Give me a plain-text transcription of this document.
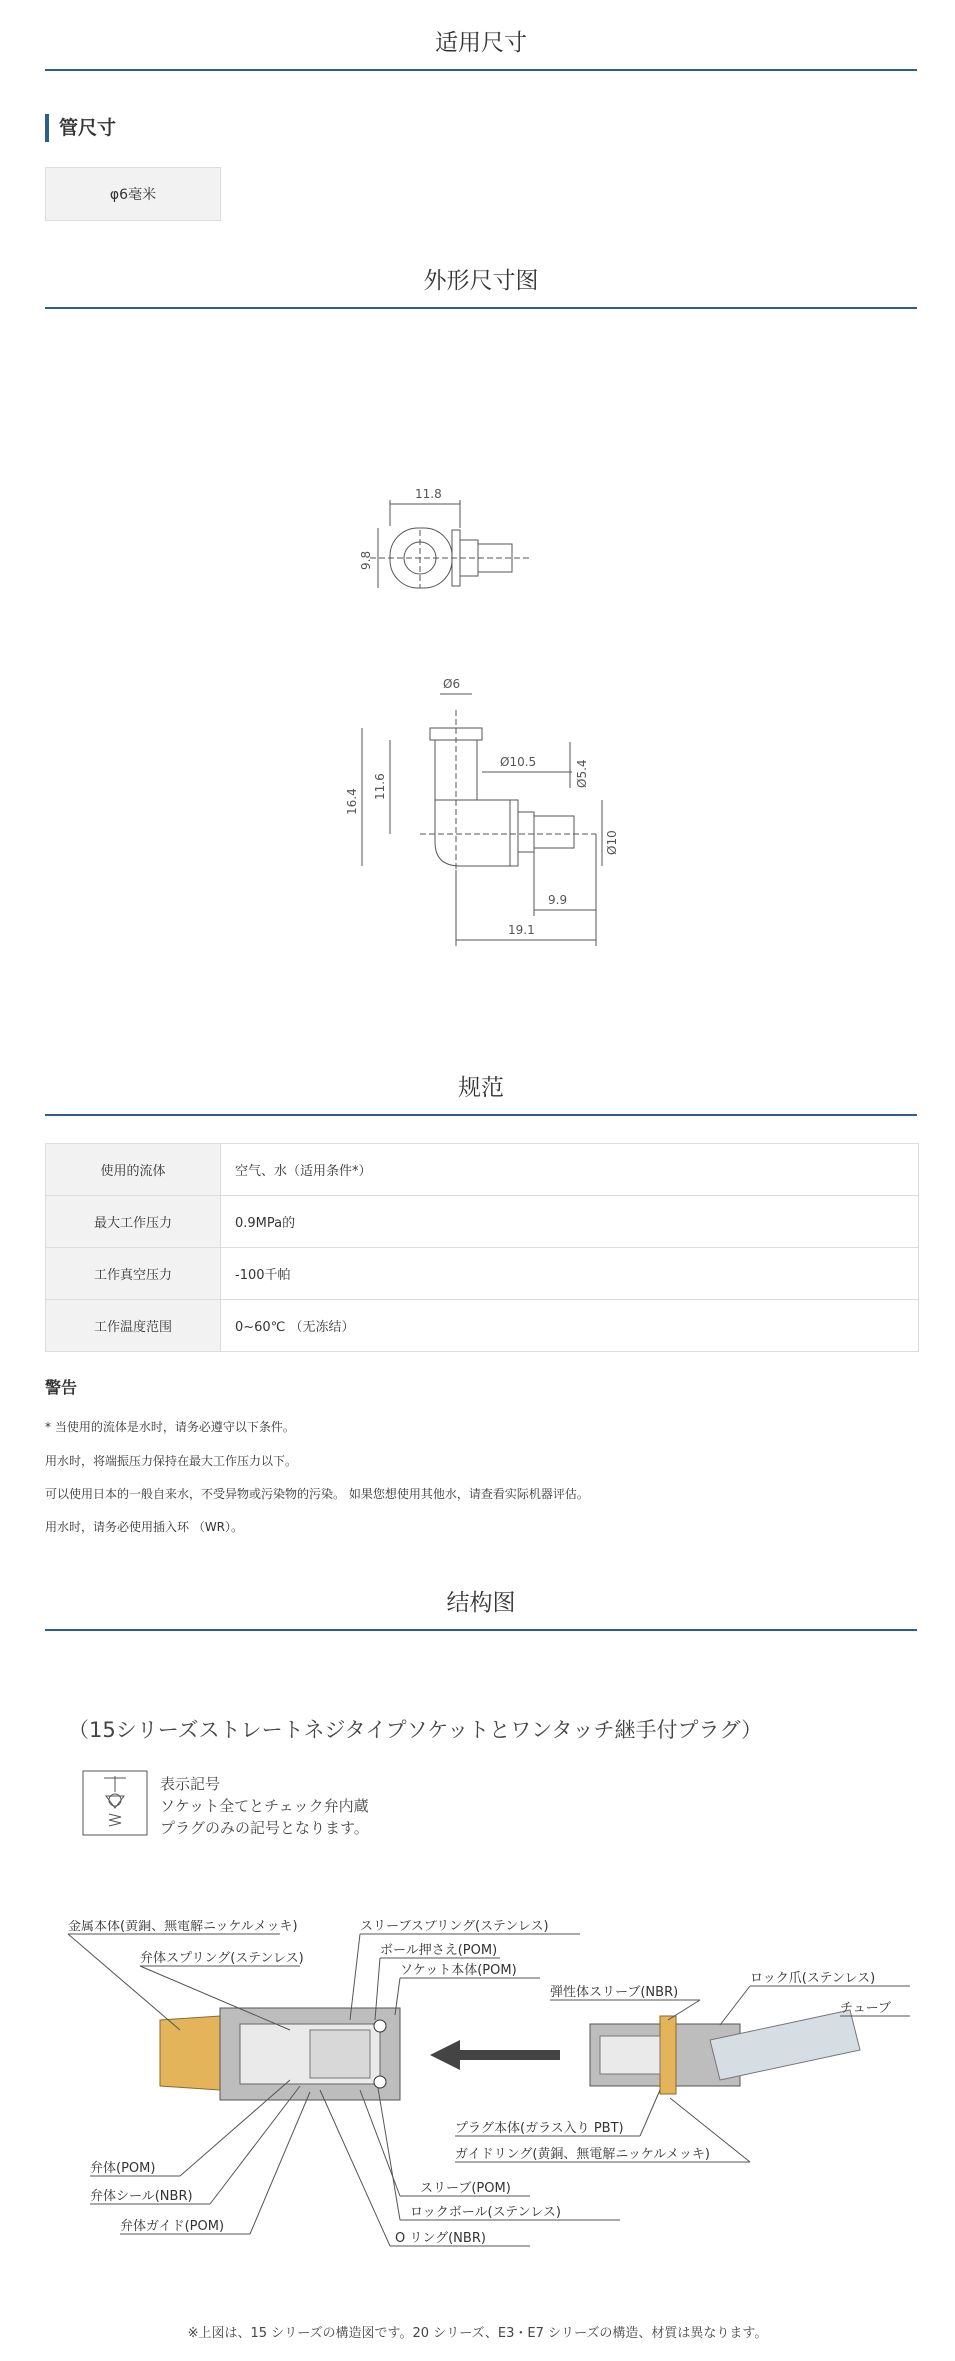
适用尺寸
管尺寸
φ6毫米
外形尺寸图
11.8
9.8
Ø6
16.4
11.6
Ø10.5	Ø5.4
Ø10
9.9
19.1
规范
使用的流体	空气、水（适用条件*）
最大工作压力	0.9MPa的
工作真空压力	-100千帕
工作温度范围	0~60℃ （无冻结）
警告
* 当使用的流体是水时，请务必遵守以下条件。
用水时，将端振压力保持在最大工作压力以下。
可以使用日本的一般自来水，不受异物或污染物的污染。 如果您想使用其他水，请查看实际机器评估。
用水时，请务必使用插入环 （WR）。
结构图
（15シリーズストレートネジタイプソケットとワンタッチ継手付プラグ）
表示記号
ソケット全てとチェック弁内蔵
プラグのみの記号となります。
金属本体(黄銅、無電解ニッケルメッキ)
弁体スプリング(ステンレス)
スリーブスプリング(ステンレス)
ボール押さえ(POM)
ソケット本体(POM)
ロック爪(ステンレス)
弾性体スリーブ(NBR)
チューブ
プラグ本体(ガラス入り PBT)
ガイドリング(黄銅、無電解ニッケルメッキ)
スリーブ(POM)
ロックボール(ステンレス)
O リング(NBR)
弁体(POM)
弁体シール(NBR)
弁体ガイド(POM)
※上図は、15 シリーズの構造図です。20 シリーズ、E3・E7 シリーズの構造、材質は異なります。
